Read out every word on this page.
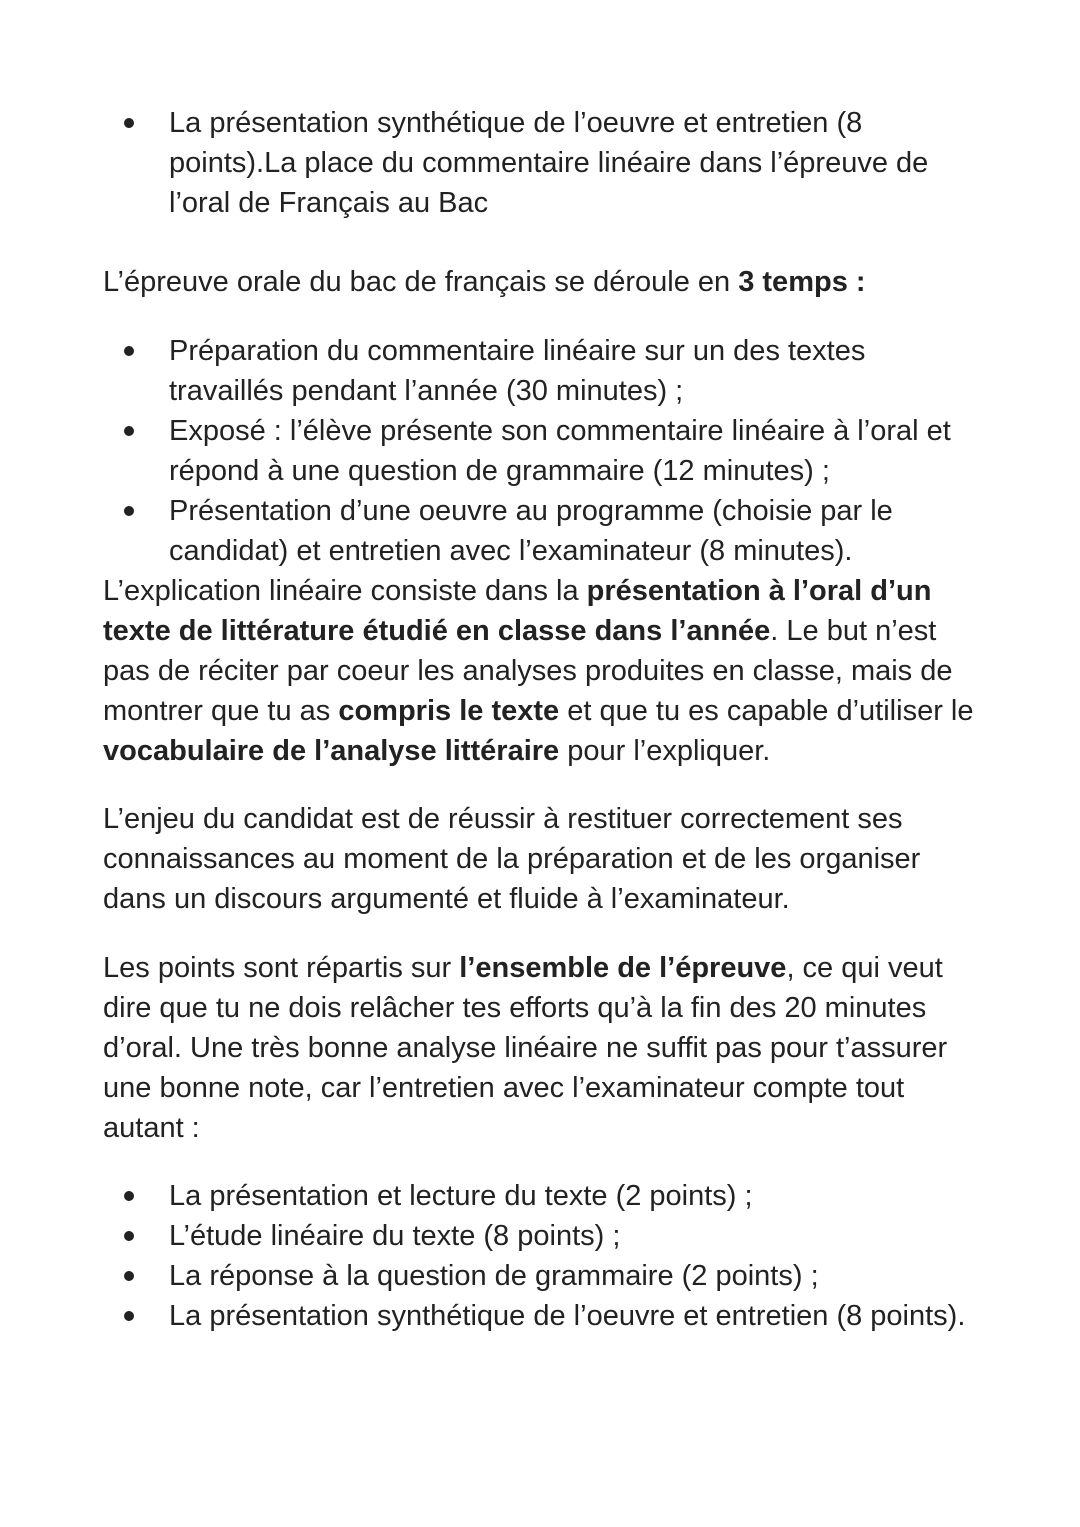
La présentation synthétique de l’oeuvre et entretien (8 points).La place du commentaire linéaire dans l’épreuve de l’oral de Français au Bac

L’épreuve orale du bac de français se déroule en 3 temps :

Préparation du commentaire linéaire sur un des textes travaillés pendant l’année (30 minutes) ;
Exposé : l’élève présente son commentaire linéaire à l’oral et répond à une question de grammaire (12 minutes) ;
Présentation d’une oeuvre au programme (choisie par le candidat) et entretien avec l’examinateur (8 minutes).

L’explication linéaire consiste dans la présentation à l’oral d’un texte de littérature étudié en classe dans l’année. Le but n’est pas de réciter par coeur les analyses produites en classe, mais de montrer que tu as compris le texte et que tu es capable d’utiliser le vocabulaire de l’analyse littéraire pour l’expliquer.

L’enjeu du candidat est de réussir à restituer correctement ses connaissances au moment de la préparation et de les organiser dans un discours argumenté et fluide à l’examinateur.

Les points sont répartis sur l’ensemble de l’épreuve, ce qui veut dire que tu ne dois relâcher tes efforts qu’à la fin des 20 minutes d’oral. Une très bonne analyse linéaire ne suffit pas pour t’assurer une bonne note, car l’entretien avec l’examinateur compte tout autant :

La présentation et lecture du texte (2 points) ;
L’étude linéaire du texte (8 points) ;
La réponse à la question de grammaire (2 points) ;
La présentation synthétique de l’oeuvre et entretien (8 points).
